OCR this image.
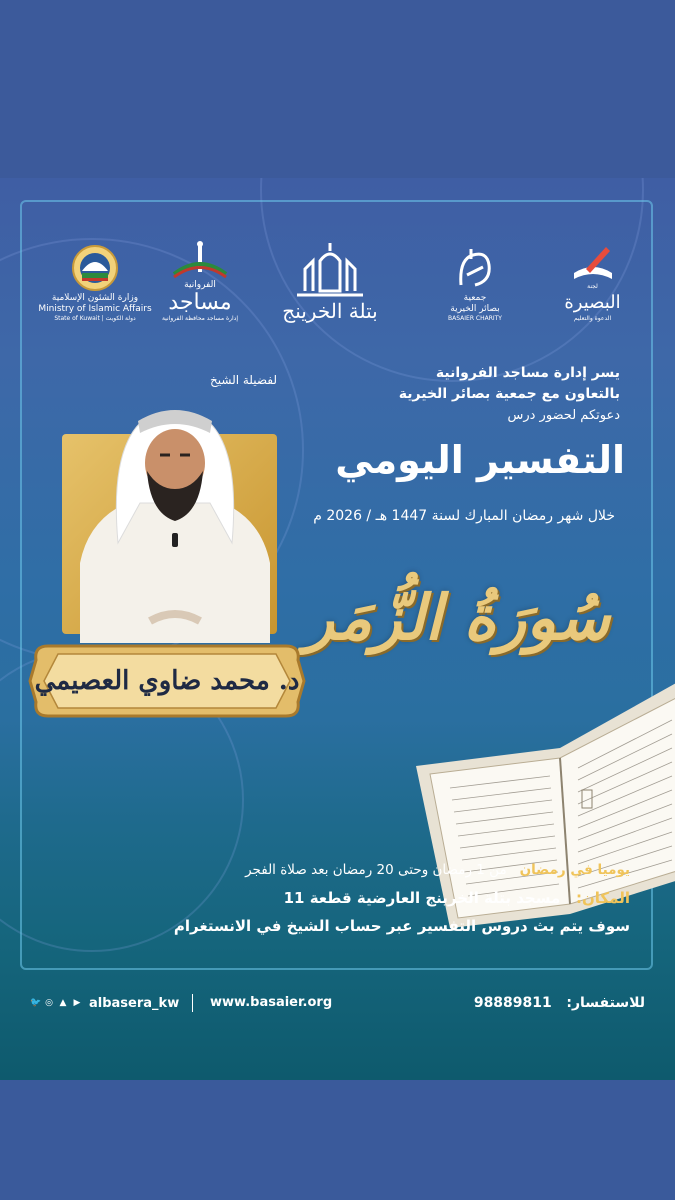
وزارة الشئون الإسلامية
Ministry of Islamic Affairs
State of Kuwait | دولة الكويت
الفروانية
مساجد
إدارة مساجد محافظة الفروانية بتلة الخرينج
جمعية
بصائر الخيرية
BASAIER CHARITY
لجنة
البصيرة
الدعوة والتعليم
يسر إدارة مساجد الفروانية
بالتعاون مع جمعية بصائر الخيرية
دعوتكم لحضور درس
التفسير اليومي
خلال شهر رمضان المبارك لسنة 1447 هـ / 2026 م
سُورَةُ الزُّمَر
لفضيلة الشيخ
د. محمد ضاوي العصيمي
يوميا في رمضان   من 1 رمضان وحتى 20 رمضان بعد صلاة الفجر
المكان:   مسجد بتلة الخرينج العارضية قطعة 11
سوف يتم بث دروس التفسير عبر حساب الشيخ في الانستغرام
🐦 ◎ ▲ ▶ albasera_kw www.basaier.org	للاستفسار:   98889811
